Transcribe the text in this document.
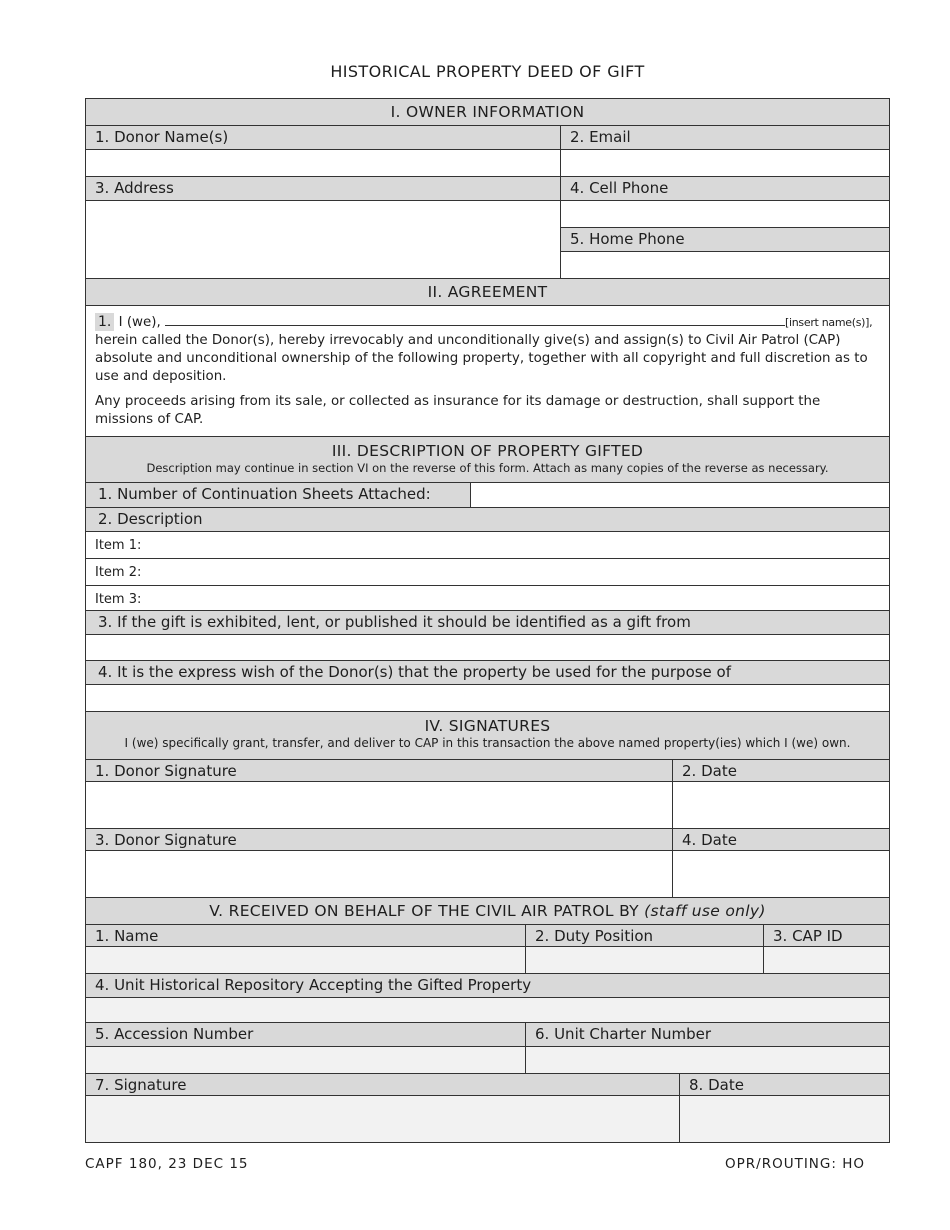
HISTORICAL PROPERTY DEED OF GIFT
I. OWNER INFORMATION
1. Donor Name(s)	2. Email
3. Address	4. Cell Phone
5. Home Phone
II. AGREEMENT

1. I (we),	[insert name(s)],

herein called the Donor(s), hereby irrevocably and unconditionally give(s) and assign(s) to Civil Air Patrol (CAP) absolute and unconditional ownership of the following property, together with all copyright and full discretion as to use and deposition.

Any proceeds arising from its sale, or collected as insurance for its damage or destruction, shall support the missions of CAP.

III. DESCRIPTION OF PROPERTY GIFTED
Description may continue in section VI on the reverse of this form. Attach as many copies of the reverse as necessary.
1. Number of Continuation Sheets Attached:
2. Description
Item 1:
Item 2:
Item 3:
3. If the gift is exhibited, lent, or published it should be identified as a gift from
4. It is the express wish of the Donor(s) that the property be used for the purpose of
IV. SIGNATURES
I (we) specifically grant, transfer, and deliver to CAP in this transaction the above named property(ies) which I (we) own.
1. Donor Signature	2. Date
3. Donor Signature	4. Date
V. RECEIVED ON BEHALF OF THE CIVIL AIR PATROL BY (staff use only)
1. Name	2. Duty Position	3. CAP ID
4. Unit Historical Repository Accepting the Gifted Property
5. Accession Number	6. Unit Charter Number
7. Signature	8. Date
CAPF 180, 23 DEC 15	OPR/ROUTING: HO
